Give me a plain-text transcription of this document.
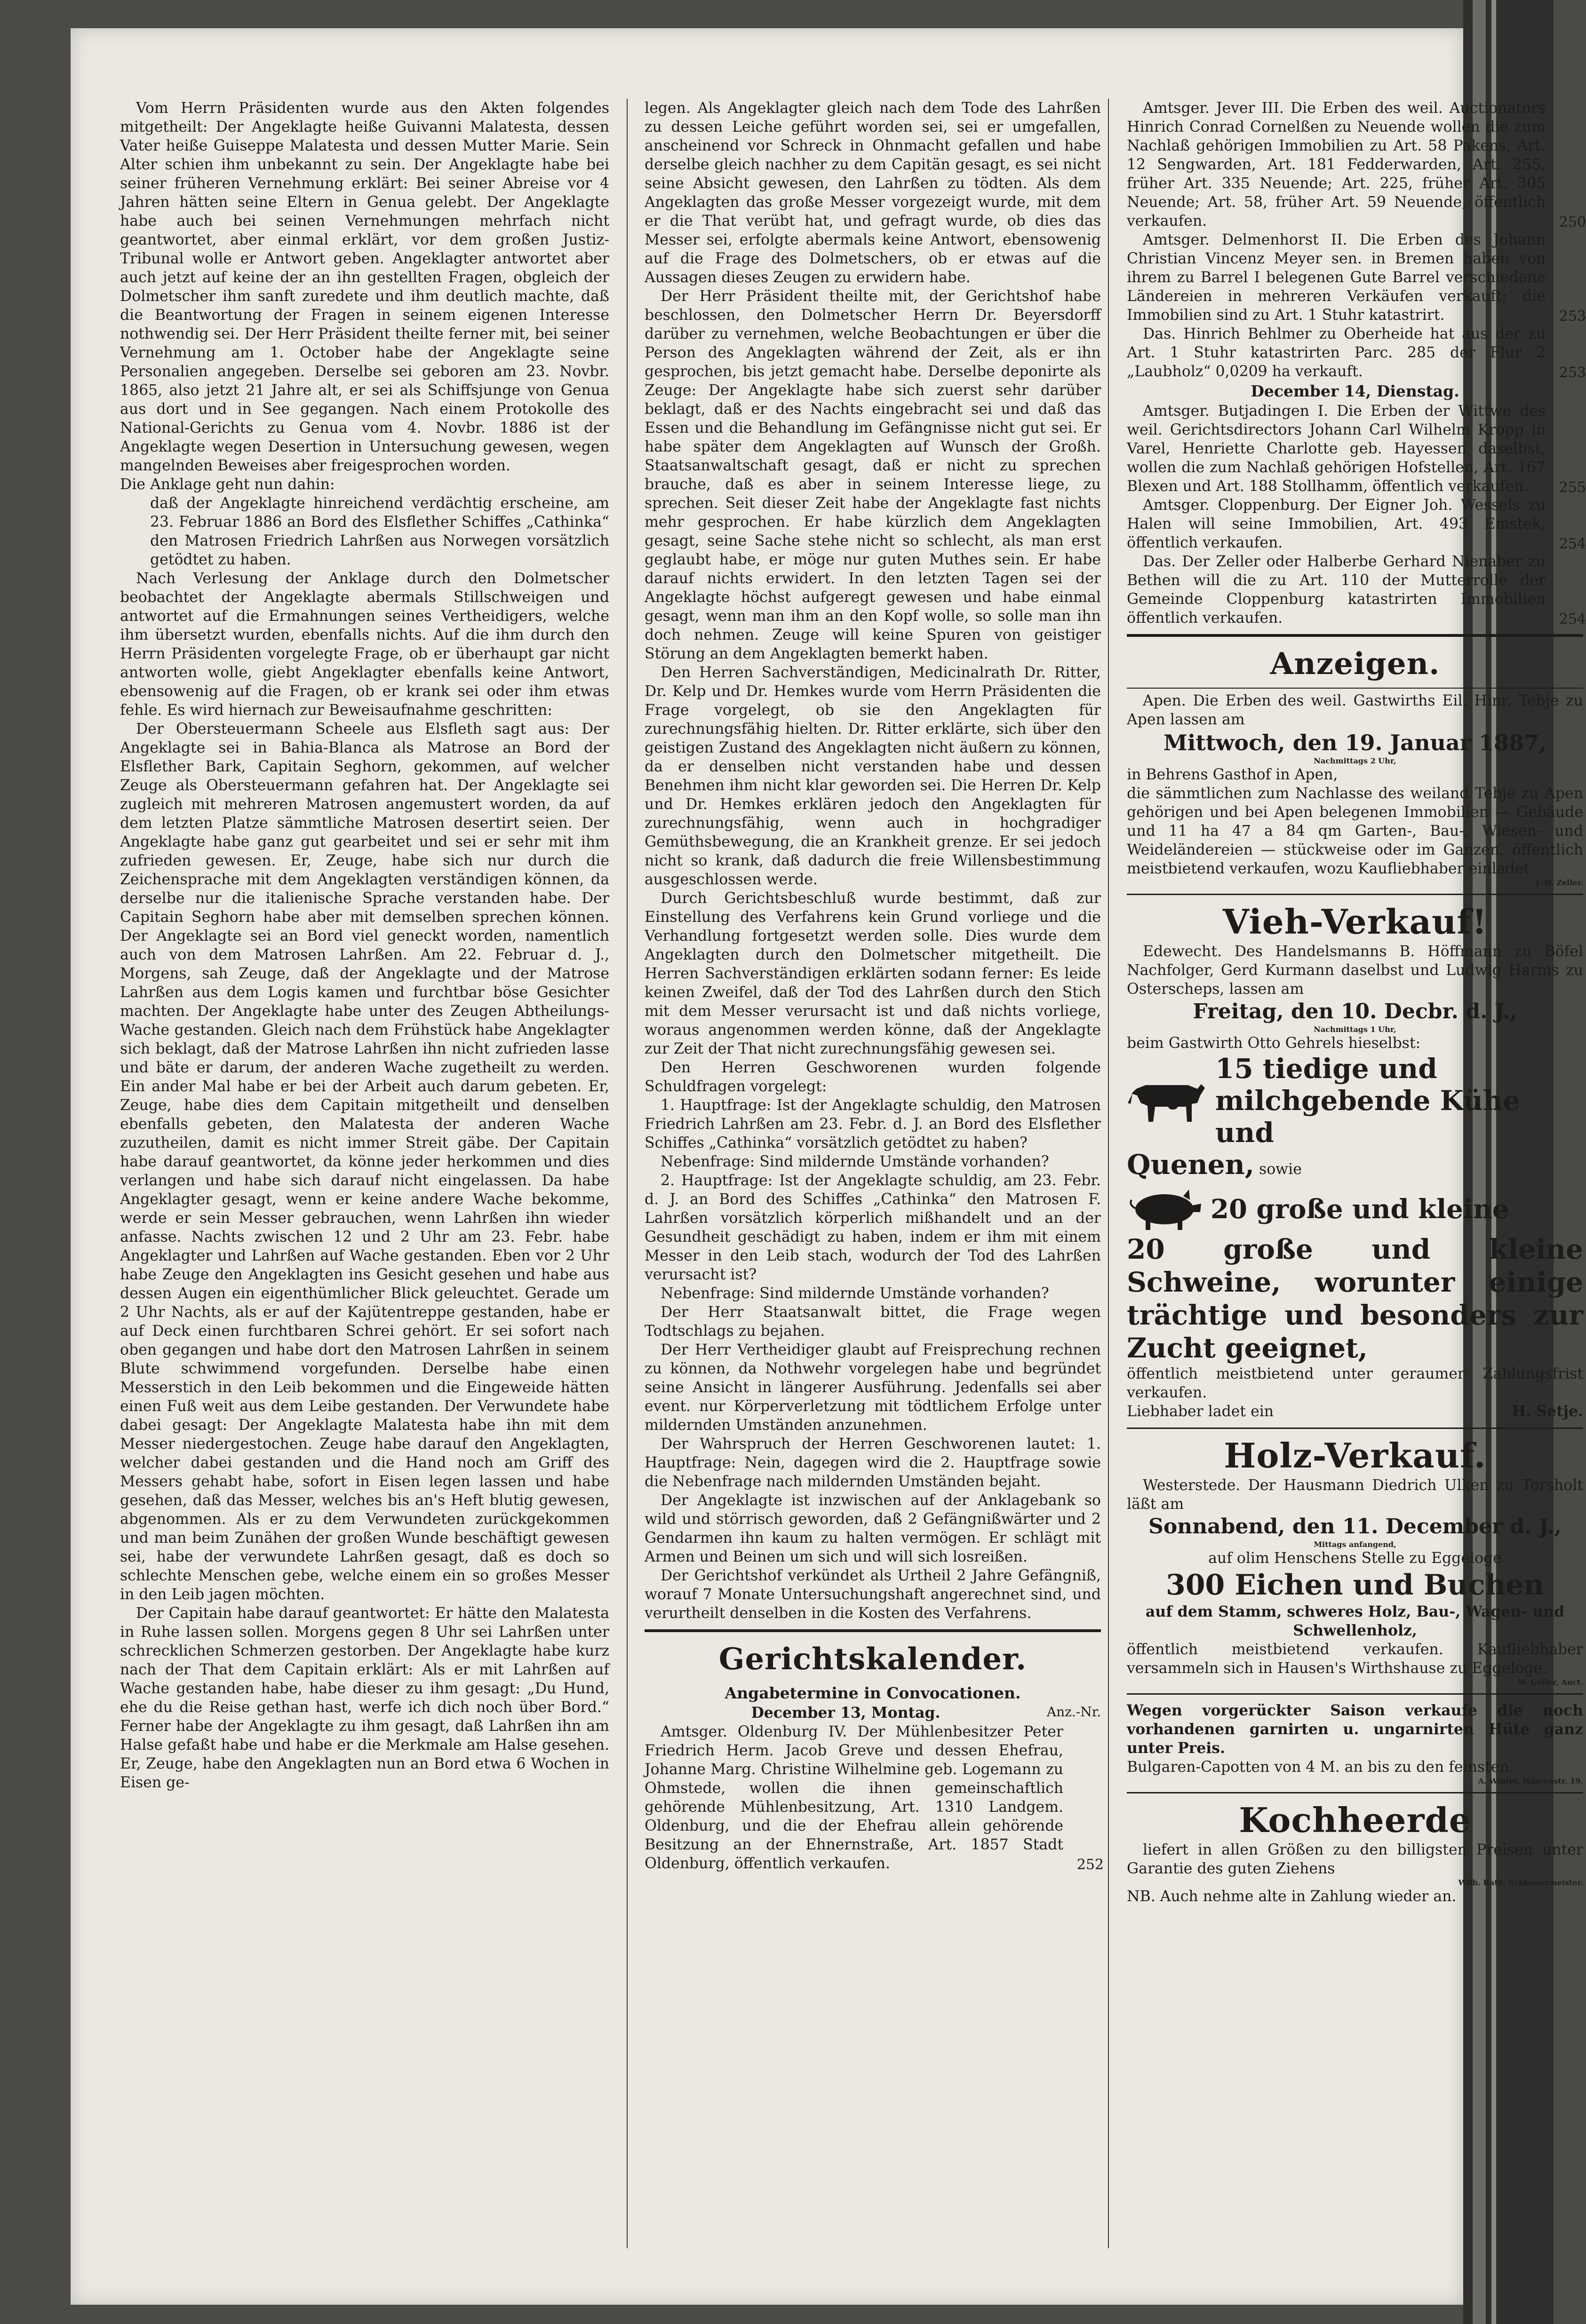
Vom Herrn Präsidenten wurde aus den Akten folgendes mitgetheilt: Der Angeklagte heiße Guivanni Malatesta, dessen Vater heiße Guiseppe Malatesta und dessen Mutter Marie. Sein Alter schien ihm unbekannt zu sein. Der Angeklagte habe bei seiner früheren Vernehmung erklärt: Bei seiner Abreise vor 4 Jahren hätten seine Eltern in Genua gelebt. Der Angeklagte habe auch bei seinen Vernehmungen mehrfach nicht geantwortet, aber einmal erklärt, vor dem großen Justiz-Tribunal wolle er Antwort geben. Angeklagter antwortet aber auch jetzt auf keine der an ihn gestellten Fragen, obgleich der Dolmetscher ihm sanft zuredete und ihm deutlich machte, daß die Beantwortung der Fragen in seinem eigenen Interesse nothwendig sei. Der Herr Präsident theilte ferner mit, bei seiner Vernehmung am 1. October habe der Angeklagte seine Personalien angegeben. Derselbe sei geboren am 23. Novbr. 1865, also jetzt 21 Jahre alt, er sei als Schiffsjunge von Genua aus dort und in See gegangen. Nach einem Protokolle des National-Gerichts zu Genua vom 4. Novbr. 1886 ist der Angeklagte wegen Desertion in Untersuchung gewesen, wegen mangelnden Beweises aber freigesprochen worden.

Die Anklage geht nun dahin:

daß der Angeklagte hinreichend verdächtig erscheine, am 23. Februar 1886 an Bord des Elsflether Schiffes „Cathinka“ den Matrosen Friedrich Lahrßen aus Norwegen vorsätzlich getödtet zu haben.

Nach Verlesung der Anklage durch den Dolmetscher beobachtet der Angeklagte abermals Stillschweigen und antwortet auf die Ermahnungen seines Vertheidigers, welche ihm übersetzt wurden, ebenfalls nichts. Auf die ihm durch den Herrn Präsidenten vorgelegte Frage, ob er überhaupt gar nicht antworten wolle, giebt Angeklagter ebenfalls keine Antwort, ebensowenig auf die Fragen, ob er krank sei oder ihm etwas fehle. Es wird hiernach zur Beweisaufnahme geschritten:

Der Obersteuermann Scheele aus Elsfleth sagt aus: Der Angeklagte sei in Bahia-Blanca als Matrose an Bord der Elsflether Bark, Capitain Seghorn, gekommen, auf welcher Zeuge als Obersteuermann gefahren hat. Der Angeklagte sei zugleich mit mehreren Matrosen angemustert worden, da auf dem letzten Platze sämmtliche Matrosen desertirt seien. Der Angeklagte habe ganz gut gearbeitet und sei er sehr mit ihm zufrieden gewesen. Er, Zeuge, habe sich nur durch die Zeichensprache mit dem Angeklagten verständigen können, da derselbe nur die italienische Sprache verstanden habe. Der Capitain Seghorn habe aber mit demselben sprechen können. Der Angeklagte sei an Bord viel geneckt worden, namentlich auch von dem Matrosen Lahrßen. Am 22. Februar d. J., Morgens, sah Zeuge, daß der Angeklagte und der Matrose Lahrßen aus dem Logis kamen und furchtbar böse Gesichter machten. Der Angeklagte habe unter des Zeugen Abtheilungs-Wache gestanden. Gleich nach dem Frühstück habe Angeklagter sich beklagt, daß der Matrose Lahrßen ihn nicht zufrieden lasse und bäte er darum, der anderen Wache zugetheilt zu werden. Ein ander Mal habe er bei der Arbeit auch darum gebeten. Er, Zeuge, habe dies dem Capitain mitgetheilt und denselben ebenfalls gebeten, den Malatesta der anderen Wache zuzutheilen, damit es nicht immer Streit gäbe. Der Capitain habe darauf geantwortet, da könne jeder herkommen und dies verlangen und habe sich darauf nicht eingelassen. Da habe Angeklagter gesagt, wenn er keine andere Wache bekomme, werde er sein Messer gebrauchen, wenn Lahrßen ihn wieder anfasse. Nachts zwischen 12 und 2 Uhr am 23. Febr. habe Angeklagter und Lahrßen auf Wache gestanden. Eben vor 2 Uhr habe Zeuge den Angeklagten ins Gesicht gesehen und habe aus dessen Augen ein eigenthümlicher Blick geleuchtet. Gerade um 2 Uhr Nachts, als er auf der Kajütentreppe gestanden, habe er auf Deck einen furchtbaren Schrei gehört. Er sei sofort nach oben gegangen und habe dort den Matrosen Lahrßen in seinem Blute schwimmend vorgefunden. Derselbe habe einen Messerstich in den Leib bekommen und die Eingeweide hätten einen Fuß weit aus dem Leibe gestanden. Der Verwundete habe dabei gesagt: Der Angeklagte Malatesta habe ihn mit dem Messer niedergestochen. Zeuge habe darauf den Angeklagten, welcher dabei gestanden und die Hand noch am Griff des Messers gehabt habe, sofort in Eisen legen lassen und habe gesehen, daß das Messer, welches bis an's Heft blutig gewesen, abgenommen. Als er zu dem Verwundeten zurückgekommen und man beim Zunähen der großen Wunde beschäftigt gewesen sei, habe der verwundete Lahrßen gesagt, daß es doch so schlechte Menschen gebe, welche einem ein so großes Messer in den Leib jagen möchten.

Der Capitain habe darauf geantwortet: Er hätte den Malatesta in Ruhe lassen sollen. Morgens gegen 8 Uhr sei Lahrßen unter schrecklichen Schmerzen gestorben. Der Angeklagte habe kurz nach der That dem Capitain erklärt: Als er mit Lahrßen auf Wache gestanden habe, habe dieser zu ihm gesagt: „Du Hund, ehe du die Reise gethan hast, werfe ich dich noch über Bord.“ Ferner habe der Angeklagte zu ihm gesagt, daß Lahrßen ihn am Halse gefaßt habe und habe er die Merkmale am Halse gesehen. Er, Zeuge, habe den Angeklagten nun an Bord etwa 6 Wochen in Eisen ge-

legen. Als Angeklagter gleich nach dem Tode des Lahrßen zu dessen Leiche geführt worden sei, sei er umgefallen, anscheinend vor Schreck in Ohnmacht gefallen und habe derselbe gleich nachher zu dem Capitän gesagt, es sei nicht seine Absicht gewesen, den Lahrßen zu tödten. Als dem Angeklagten das große Messer vorgezeigt wurde, mit dem er die That verübt hat, und gefragt wurde, ob dies das Messer sei, erfolgte abermals keine Antwort, ebensowenig auf die Frage des Dolmetschers, ob er etwas auf die Aussagen dieses Zeugen zu erwidern habe.

Der Herr Präsident theilte mit, der Gerichtshof habe beschlossen, den Dolmetscher Herrn Dr. Beyersdorff darüber zu vernehmen, welche Beobachtungen er über die Person des Angeklagten während der Zeit, als er ihn gesprochen, bis jetzt gemacht habe. Derselbe deponirte als Zeuge: Der Angeklagte habe sich zuerst sehr darüber beklagt, daß er des Nachts eingebracht sei und daß das Essen und die Behandlung im Gefängnisse nicht gut sei. Er habe später dem Angeklagten auf Wunsch der Großh. Staatsanwaltschaft gesagt, daß er nicht zu sprechen brauche, daß es aber in seinem Interesse liege, zu sprechen. Seit dieser Zeit habe der Angeklagte fast nichts mehr gesprochen. Er habe kürzlich dem Angeklagten gesagt, seine Sache stehe nicht so schlecht, als man erst geglaubt habe, er möge nur guten Muthes sein. Er habe darauf nichts erwidert. In den letzten Tagen sei der Angeklagte höchst aufgeregt gewesen und habe einmal gesagt, wenn man ihm an den Kopf wolle, so solle man ihn doch nehmen. Zeuge will keine Spuren von geistiger Störung an dem Angeklagten bemerkt haben.

Den Herren Sachverständigen, Medicinalrath Dr. Ritter, Dr. Kelp und Dr. Hemkes wurde vom Herrn Präsidenten die Frage vorgelegt, ob sie den Angeklagten für zurechnungsfähig hielten. Dr. Ritter erklärte, sich über den geistigen Zustand des Angeklagten nicht äußern zu können, da er denselben nicht verstanden habe und dessen Benehmen ihm nicht klar geworden sei. Die Herren Dr. Kelp und Dr. Hemkes erklären jedoch den Angeklagten für zurechnungsfähig, wenn auch in hochgradiger Gemüthsbewegung, die an Krankheit grenze. Er sei jedoch nicht so krank, daß dadurch die freie Willensbestimmung ausgeschlossen werde.

Durch Gerichtsbeschluß wurde bestimmt, daß zur Einstellung des Verfahrens kein Grund vorliege und die Verhandlung fortgesetzt werden solle. Dies wurde dem Angeklagten durch den Dolmetscher mitgetheilt. Die Herren Sachverständigen erklärten sodann ferner: Es leide keinen Zweifel, daß der Tod des Lahrßen durch den Stich mit dem Messer verursacht ist und daß nichts vorliege, woraus angenommen werden könne, daß der Angeklagte zur Zeit der That nicht zurechnungsfähig gewesen sei.

Den Herren Geschworenen wurden folgende Schuldfragen vorgelegt:

1. Hauptfrage: Ist der Angeklagte schuldig, den Matrosen Friedrich Lahrßen am 23. Febr. d. J. an Bord des Elsflether Schiffes „Cathinka“ vorsätzlich getödtet zu haben?

Nebenfrage: Sind mildernde Umstände vorhanden?

2. Hauptfrage: Ist der Angeklagte schuldig, am 23. Febr. d. J. an Bord des Schiffes „Cathinka“ den Matrosen F. Lahrßen vorsätzlich körperlich mißhandelt und an der Gesundheit geschädigt zu haben, indem er ihm mit einem Messer in den Leib stach, wodurch der Tod des Lahrßen verursacht ist?

Nebenfrage: Sind mildernde Umstände vorhanden?

Der Herr Staatsanwalt bittet, die Frage wegen Todtschlags zu bejahen.

Der Herr Vertheidiger glaubt auf Freisprechung rechnen zu können, da Nothwehr vorgelegen habe und begründet seine Ansicht in längerer Ausführung. Jedenfalls sei aber event. nur Körperverletzung mit tödtlichem Erfolge unter mildernden Umständen anzunehmen.

Der Wahrspruch der Herren Geschworenen lautet: 1. Hauptfrage: Nein, dagegen wird die 2. Hauptfrage sowie die Nebenfrage nach mildernden Umständen bejaht.

Der Angeklagte ist inzwischen auf der Anklagebank so wild und störrisch geworden, daß 2 Gefängnißwärter und 2 Gendarmen ihn kaum zu halten vermögen. Er schlägt mit Armen und Beinen um sich und will sich losreißen.

Der Gerichtshof verkündet als Urtheil 2 Jahre Gefängniß, worauf 7 Monate Untersuchungshaft angerechnet sind, und verurtheilt denselben in die Kosten des Verfahrens.

Gerichtskalender.
Angabetermine in Convocationen.
December 13, Montag.	Anz.-Nr.

Amtsger. Oldenburg IV. Der Mühlenbesitzer Peter Friedrich Herm. Jacob Greve und dessen Ehefrau, Johanne Marg. Christine Wilhelmine geb. Logemann zu Ohmstede, wollen die ihnen gemeinschaftlich gehörende Mühlenbesitzung, Art. 1310 Landgem. Oldenburg, und die der Ehefrau allein gehörende Besitzung an der Ehnernstraße, Art. 1857 Stadt Oldenburg, öffentlich verkaufen.	252

Amtsger. Jever III. Die Erben des weil. Auctionators Hinrich Conrad Cornelßen zu Neuende wollen die zum Nachlaß gehörigen Immobilien zu Art. 58 Pakens, Art. 12 Sengwarden, Art. 181 Fedderwarden, Art. 255, früher Art. 335 Neuende; Art. 225, früher Art. 305 Neuende; Art. 58, früher Art. 59 Neuende, öffentlich verkaufen.	250

Amtsger. Delmenhorst II. Die Erben des Johann Christian Vincenz Meyer sen. in Bremen haben von ihrem zu Barrel I belegenen Gute Barrel verschiedene Ländereien in mehreren Verkäufen verkauft; die Immobilien sind zu Art. 1 Stuhr katastrirt.	253

Das. Hinrich Behlmer zu Oberheide hat aus der zu Art. 1 Stuhr katastrirten Parc. 285 der Flur 2 „Laubholz“ 0,0209 ha verkauft.	253
December 14, Dienstag.

Amtsger. Butjadingen I. Die Erben der Wittwe des weil. Gerichtsdirectors Johann Carl Wilhelm Kropp in Varel, Henriette Charlotte geb. Hayessen daselbst, wollen die zum Nachlaß gehörigen Hofstellen, Art. 167 Blexen und Art. 188 Stollhamm, öffentlich verkaufen.	255

Amtsger. Cloppenburg. Der Eigner Joh. Wessels zu Halen will seine Immobilien, Art. 493 Emstek, öffentlich verkaufen.	254

Das. Der Zeller oder Halberbe Gerhard Nienaber zu Bethen will die zu Art. 110 der Mutterrolle der Gemeinde Cloppenburg katastrirten Immobilien öffentlich verkaufen.	254
Anzeigen.

Apen. Die Erben des weil. Gastwirths Eil. Hinr. Tebje zu Apen lassen am

Mittwoch, den 19. Januar 1887,
Nachmittags 2 Uhr,

in Behrens Gasthof in Apen,

die sämmtlichen zum Nachlasse des weiland Tebje zu Apen gehörigen und bei Apen belegenen Immobilien — Gebäude und 11 ha 47 a 84 qm Garten-, Bau-, Wiesen- und Weideländereien — stückweise oder im Ganzen, öffentlich meistbietend verkaufen, wozu Kaufliebhaber einladet

J. W. Zeller.
Vieh-Verkauf!

Edewecht. Des Handelsmanns B. Höffmann zu Böfel Nachfolger, Gerd Kurmann daselbst und Ludwig Harms zu Osterscheps, lassen am

Freitag, den 10. Decbr. d. J.,
Nachmittags 1 Uhr,

beim Gastwirth Otto Gehrels hieselbst:

15 tiedige und milchgebende Kühe und
Quenen, sowie
20 große und kleine
20 große und kleine Schweine, worunter einige trächtige und besonders zur Zucht geeignet,

öffentlich meistbietend unter geraumer Zahlungsfrist verkaufen.

Liebhaber ladet ein	H. Setje.
Holz-Verkauf.

Westerstede. Der Hausmann Diedrich Ulken zu Torsholt läßt am

Sonnabend, den 11. December d. J.,
Mittags anfangend,
auf olim Henschens Stelle zu Eggeloge
300 Eichen und Buchen
auf dem Stamm, schweres Holz, Bau-, Wagen- und Schwellenholz,

öffentlich meistbietend verkaufen. Kaufliebhaber versammeln sich in Hausen's Wirthshause zu Eggeloge.

W. Geiler, Auct.

Wegen vorgerückter Saison verkaufe die noch vorhandenen garnirten u. ungarnirten Hüte ganz unter Preis.

Bulgaren-Capotten von 4 M. an bis zu den feinsten.

A. Winter, Haarenstr. 19.
Kochheerde

liefert in allen Größen zu den billigsten Preisen unter Garantie des guten Ziehens

Wilh. Rath, Schlossermeister.

NB. Auch nehme alte in Zahlung wieder an.
